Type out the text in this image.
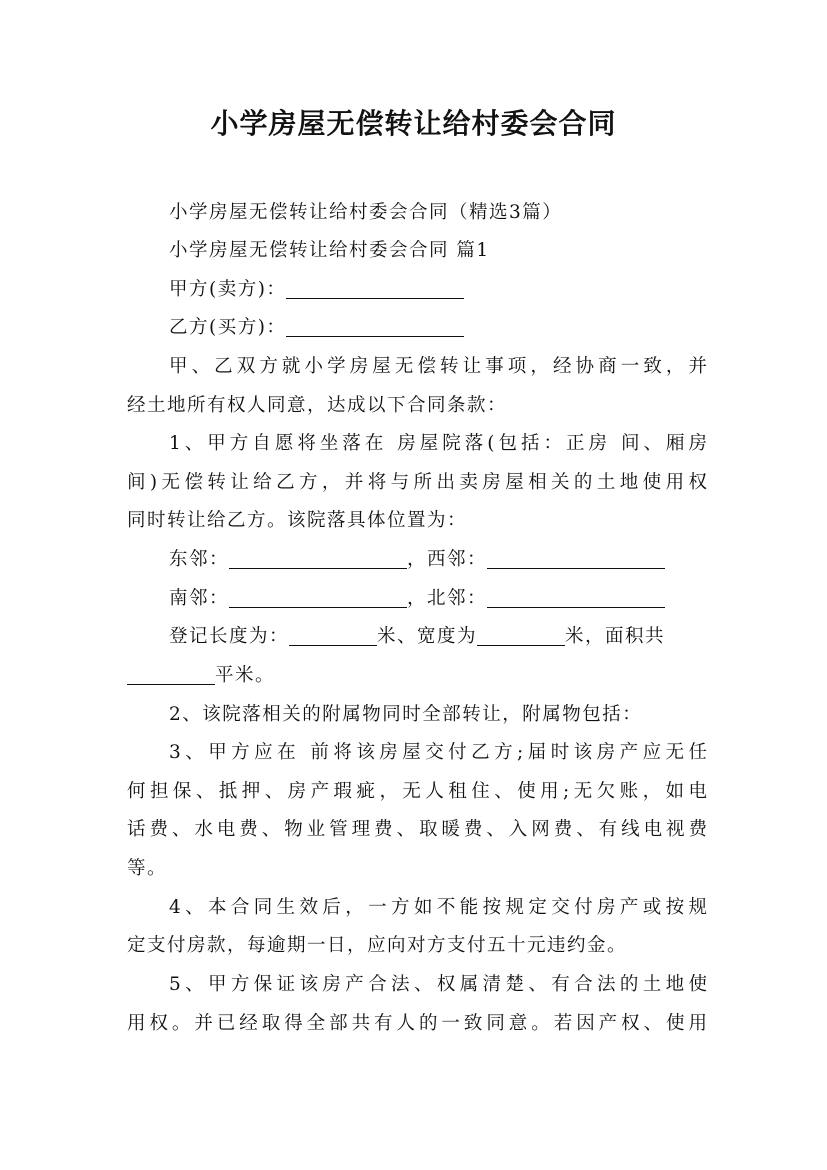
小学房屋无偿转让给村委会合同
小学房屋无偿转让给村委会合同（精选3篇）
小学房屋无偿转让给村委会合同 篇1
甲方(卖方)：
乙方(买方)：
甲、乙双方就小学房屋无偿转让事项，经协商一致，并
经土地所有权人同意，达成以下合同条款：
1、甲方自愿将坐落在 房屋院落(包括：正房 间、厢房
间)无偿转让给乙方，并将与所出卖房屋相关的土地使用权
同时转让给乙方。该院落具体位置为：
东邻：	，西邻：
南邻：	，北邻：
登记长度为：	米、宽度为	米，面积共
平米。
2、该院落相关的附属物同时全部转让，附属物包括：
3、甲方应在 前将该房屋交付乙方;届时该房产应无任
何担保、抵押、房产瑕疵，无人租住、使用;无欠账，如电
话费、水电费、物业管理费、取暖费、入网费、有线电视费
等。
4、本合同生效后，一方如不能按规定交付房产或按规
定支付房款，每逾期一日，应向对方支付五十元违约金。
5、甲方保证该房产合法、权属清楚、有合法的土地使
用权。并已经取得全部共有人的一致同意。若因产权、使用
